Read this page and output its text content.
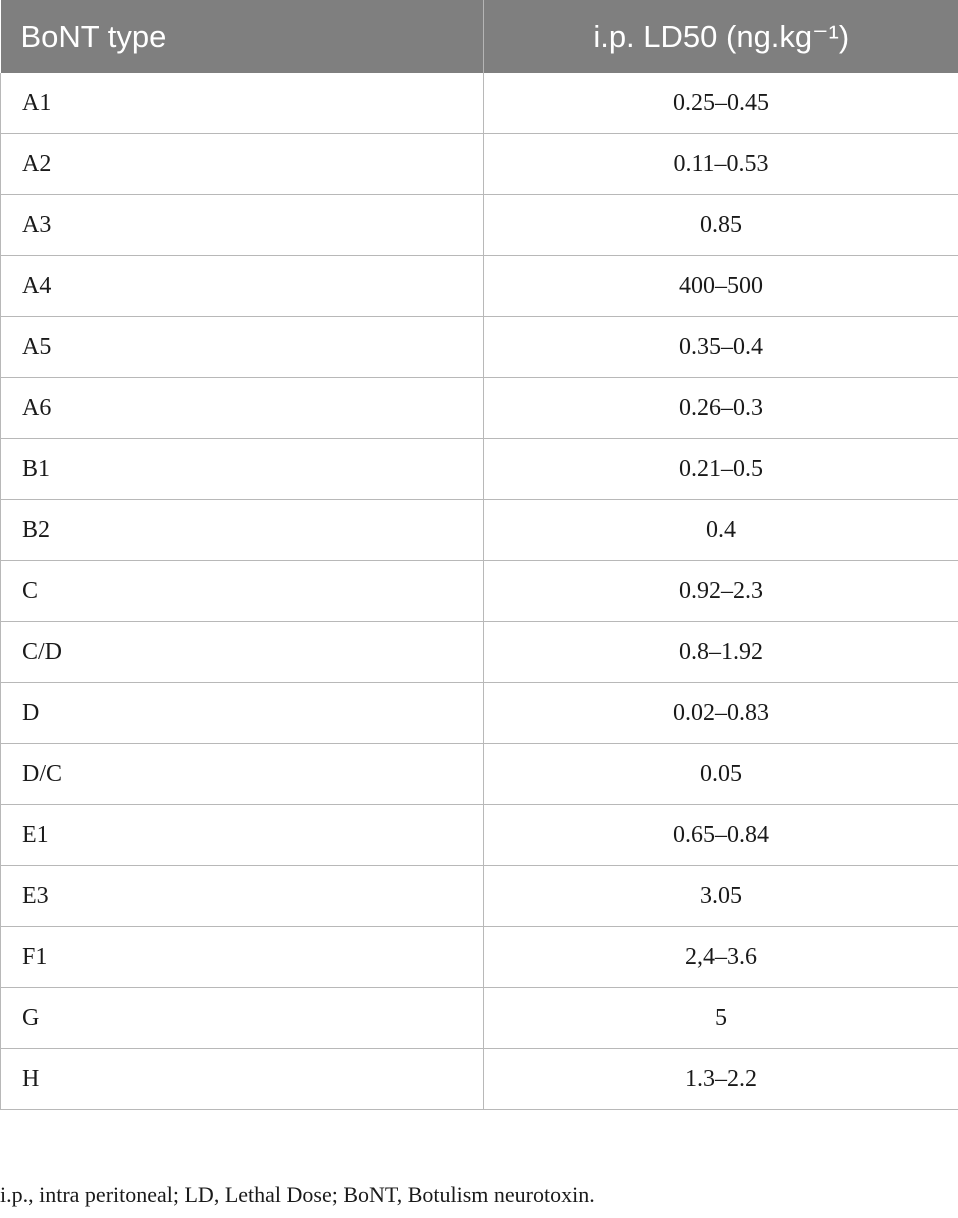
BoNT type	i.p. LD50 (ng.kg⁻¹)
A1	0.25–0.45
A2	0.11–0.53
A3	0.85
A4	400–500
A5	0.35–0.4
A6	0.26–0.3
B1	0.21–0.5
B2	0.4
C	0.92–2.3
C/D	0.8–1.92
D	0.02–0.83
D/C	0.05
E1	0.65–0.84
E3	3.05
F1	2,4–3.6
G	5
H	1.3–2.2
i.p., intra peritoneal; LD, Lethal Dose; BoNT, Botulism neurotoxin.
